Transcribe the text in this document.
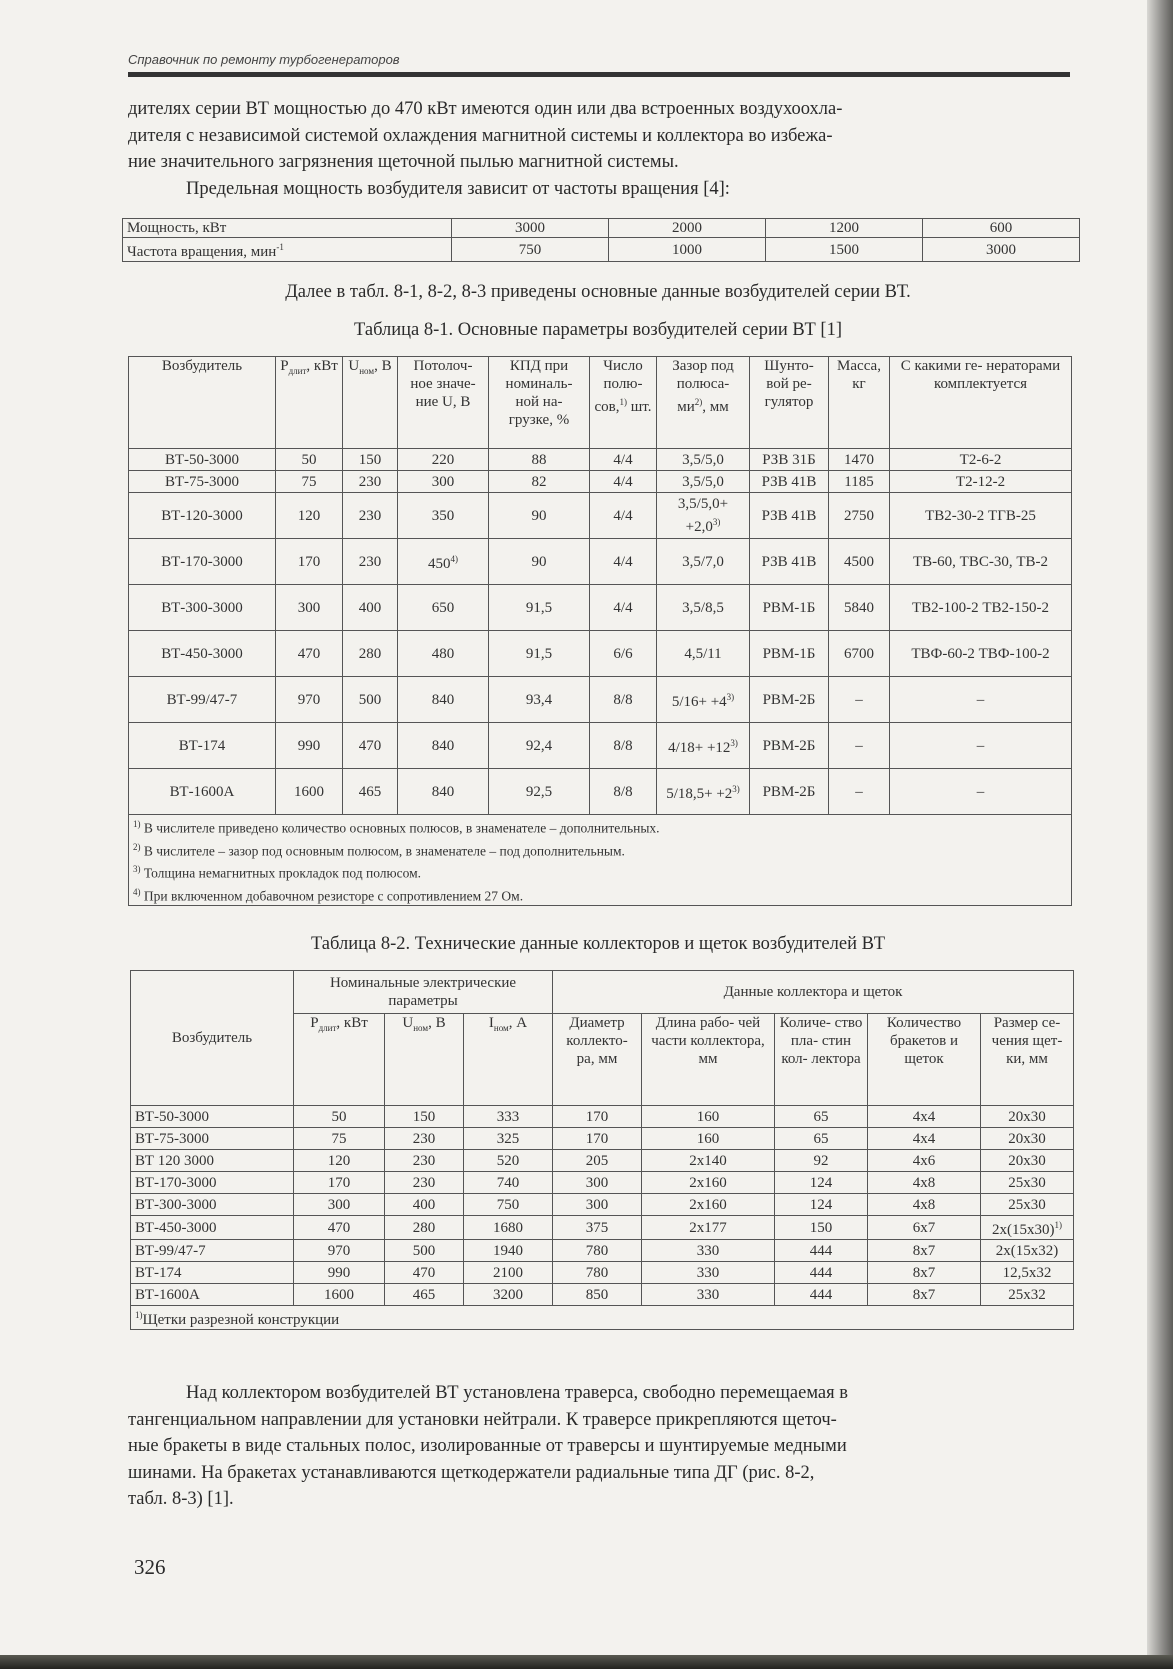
Справочник по ремонту турбогенераторов
дителях серии ВТ мощностью до 470 кВт имеются один или два встроенных воздухоохла-
дителя с независимой системой охлаждения магнитной системы и коллектора во избежа-
ние значительного загрязнения щеточной пылью магнитной системы.
Предельная мощность возбудителя зависит от частоты вращения [4]:
Мощность, кВт	3000	2000	1200	600
Частота вращения, мин$^{-1}$	750	1000	1500	3000
Далее в табл. 8-1, 8-2, 8-3 приведены основные данные возбудителей серии ВТ.
Таблица 8-1. Основные параметры возбудителей серии ВТ [1]
Возбудитель	$P_{длит}$, кВт	$U_{ном}$, В	Потолоч- ное значе- ние U, В	КПД при номиналь- ной на- грузке, %	Число полю- сов,$^{1)}$ шт.	Зазор под полюса- $ми^{2)}$, мм	Шунто- вой ре- гулятор	Масса, кг	С какими ге- нераторами комплектуется
ВТ-50-3000	50	150	220	88	4/4	3,5/5,0	РЗВ 31Б	1470	Т2-6-2
ВТ-75-3000	75	230	300	82	4/4	3,5/5,0	РЗВ 41В	1185	Т2-12-2
ВТ-120-3000	120	230	350	90	4/4	$3,5/5,0+ +2,0^{3)}$	РЗВ 41В	2750	ТВ2-30-2 ТГВ-25
ВТ-170-3000	170	230	450$^{4)}$	90	4/4	3,5/7,0	РЗВ 41В	4500	ТВ-60, ТВС-30, ТВ-2
ВТ-300-3000	300	400	650	91,5	4/4	3,5/8,5	РВМ-1Б	5840	ТВ2-100-2 ТВ2-150-2
ВТ-450-3000	470	280	480	91,5	6/6	4,5/11	РВМ-1Б	6700	ТВФ-60-2 ТВФ-100-2
ВТ-99/47-7	970	500	840	93,4	8/8	$5/16+ +4^{3)}$	РВМ-2Б	–	–
ВТ-174	990	470	840	92,4	8/8	$4/18+ +12^{3)}$	РВМ-2Б	–	–
ВТ-1600А	1600	465	840	92,5	8/8	$5/18,5+ +2^{3)}$	РВМ-2Б	–	–

$^{1)}$ В числителе приведено количество основных полюсов, в знаменателе – дополнительных.
$^{2)}$ В числителе – зазор под основным полюсом, в знаменателе – под дополнительным.
$^{3)}$ Толщина немагнитных прокладок под полюсом.
$^{4)}$ При включенном добавочном резисторе с сопротивлением 27 Ом.									
Таблица 8-2. Технические данные коллекторов и щеток возбудителей ВТ
Возбудитель	Номинальные электрические параметры			Данные коллектора и щеток				
	$P_{длит}$, кВт	$U_{ном}$, В	$I_{ном}$, А	Диаметр коллекто- ра, мм	Длина рабо- чей части коллектора, мм	Количе- ство пла- стин кол- лектора	Количество бракетов и щеток	Размер се- чения щет- ки, мм
ВТ-50-3000	50	150	333	170	160	65	4x4	20x30
ВТ-75-3000	75	230	325	170	160	65	4x4	20x30
ВТ 120 3000	120	230	520	205	2x140	92	4x6	20x30
ВТ-170-3000	170	230	740	300	2x160	124	4x8	25x30
ВТ-300-3000	300	400	750	300	2x160	124	4x8	25x30
ВТ-450-3000	470	280	1680	375	2x177	150	6x7	$2x(15x30)^{1)}$
ВТ-99/47-7	970	500	1940	780	330	444	8x7	2x(15x32)
ВТ-174	990	470	2100	780	330	444	8x7	12,5x32
ВТ-1600А	1600	465	3200	850	330	444	8x7	25x32
$^{1)}$Щетки разрезной конструкции								
Над коллектором возбудителей ВТ установлена траверса, свободно перемещаемая в
тангенциальном направлении для установки нейтрали. К траверсе прикрепляются щеточ-
ные бракеты в виде стальных полос, изолированные от траверсы и шунтируемые медными
шинами. На бракетах устанавливаются щеткодержатели радиальные типа ДГ (рис. 8-2,
табл. 8-3) [1].
326
